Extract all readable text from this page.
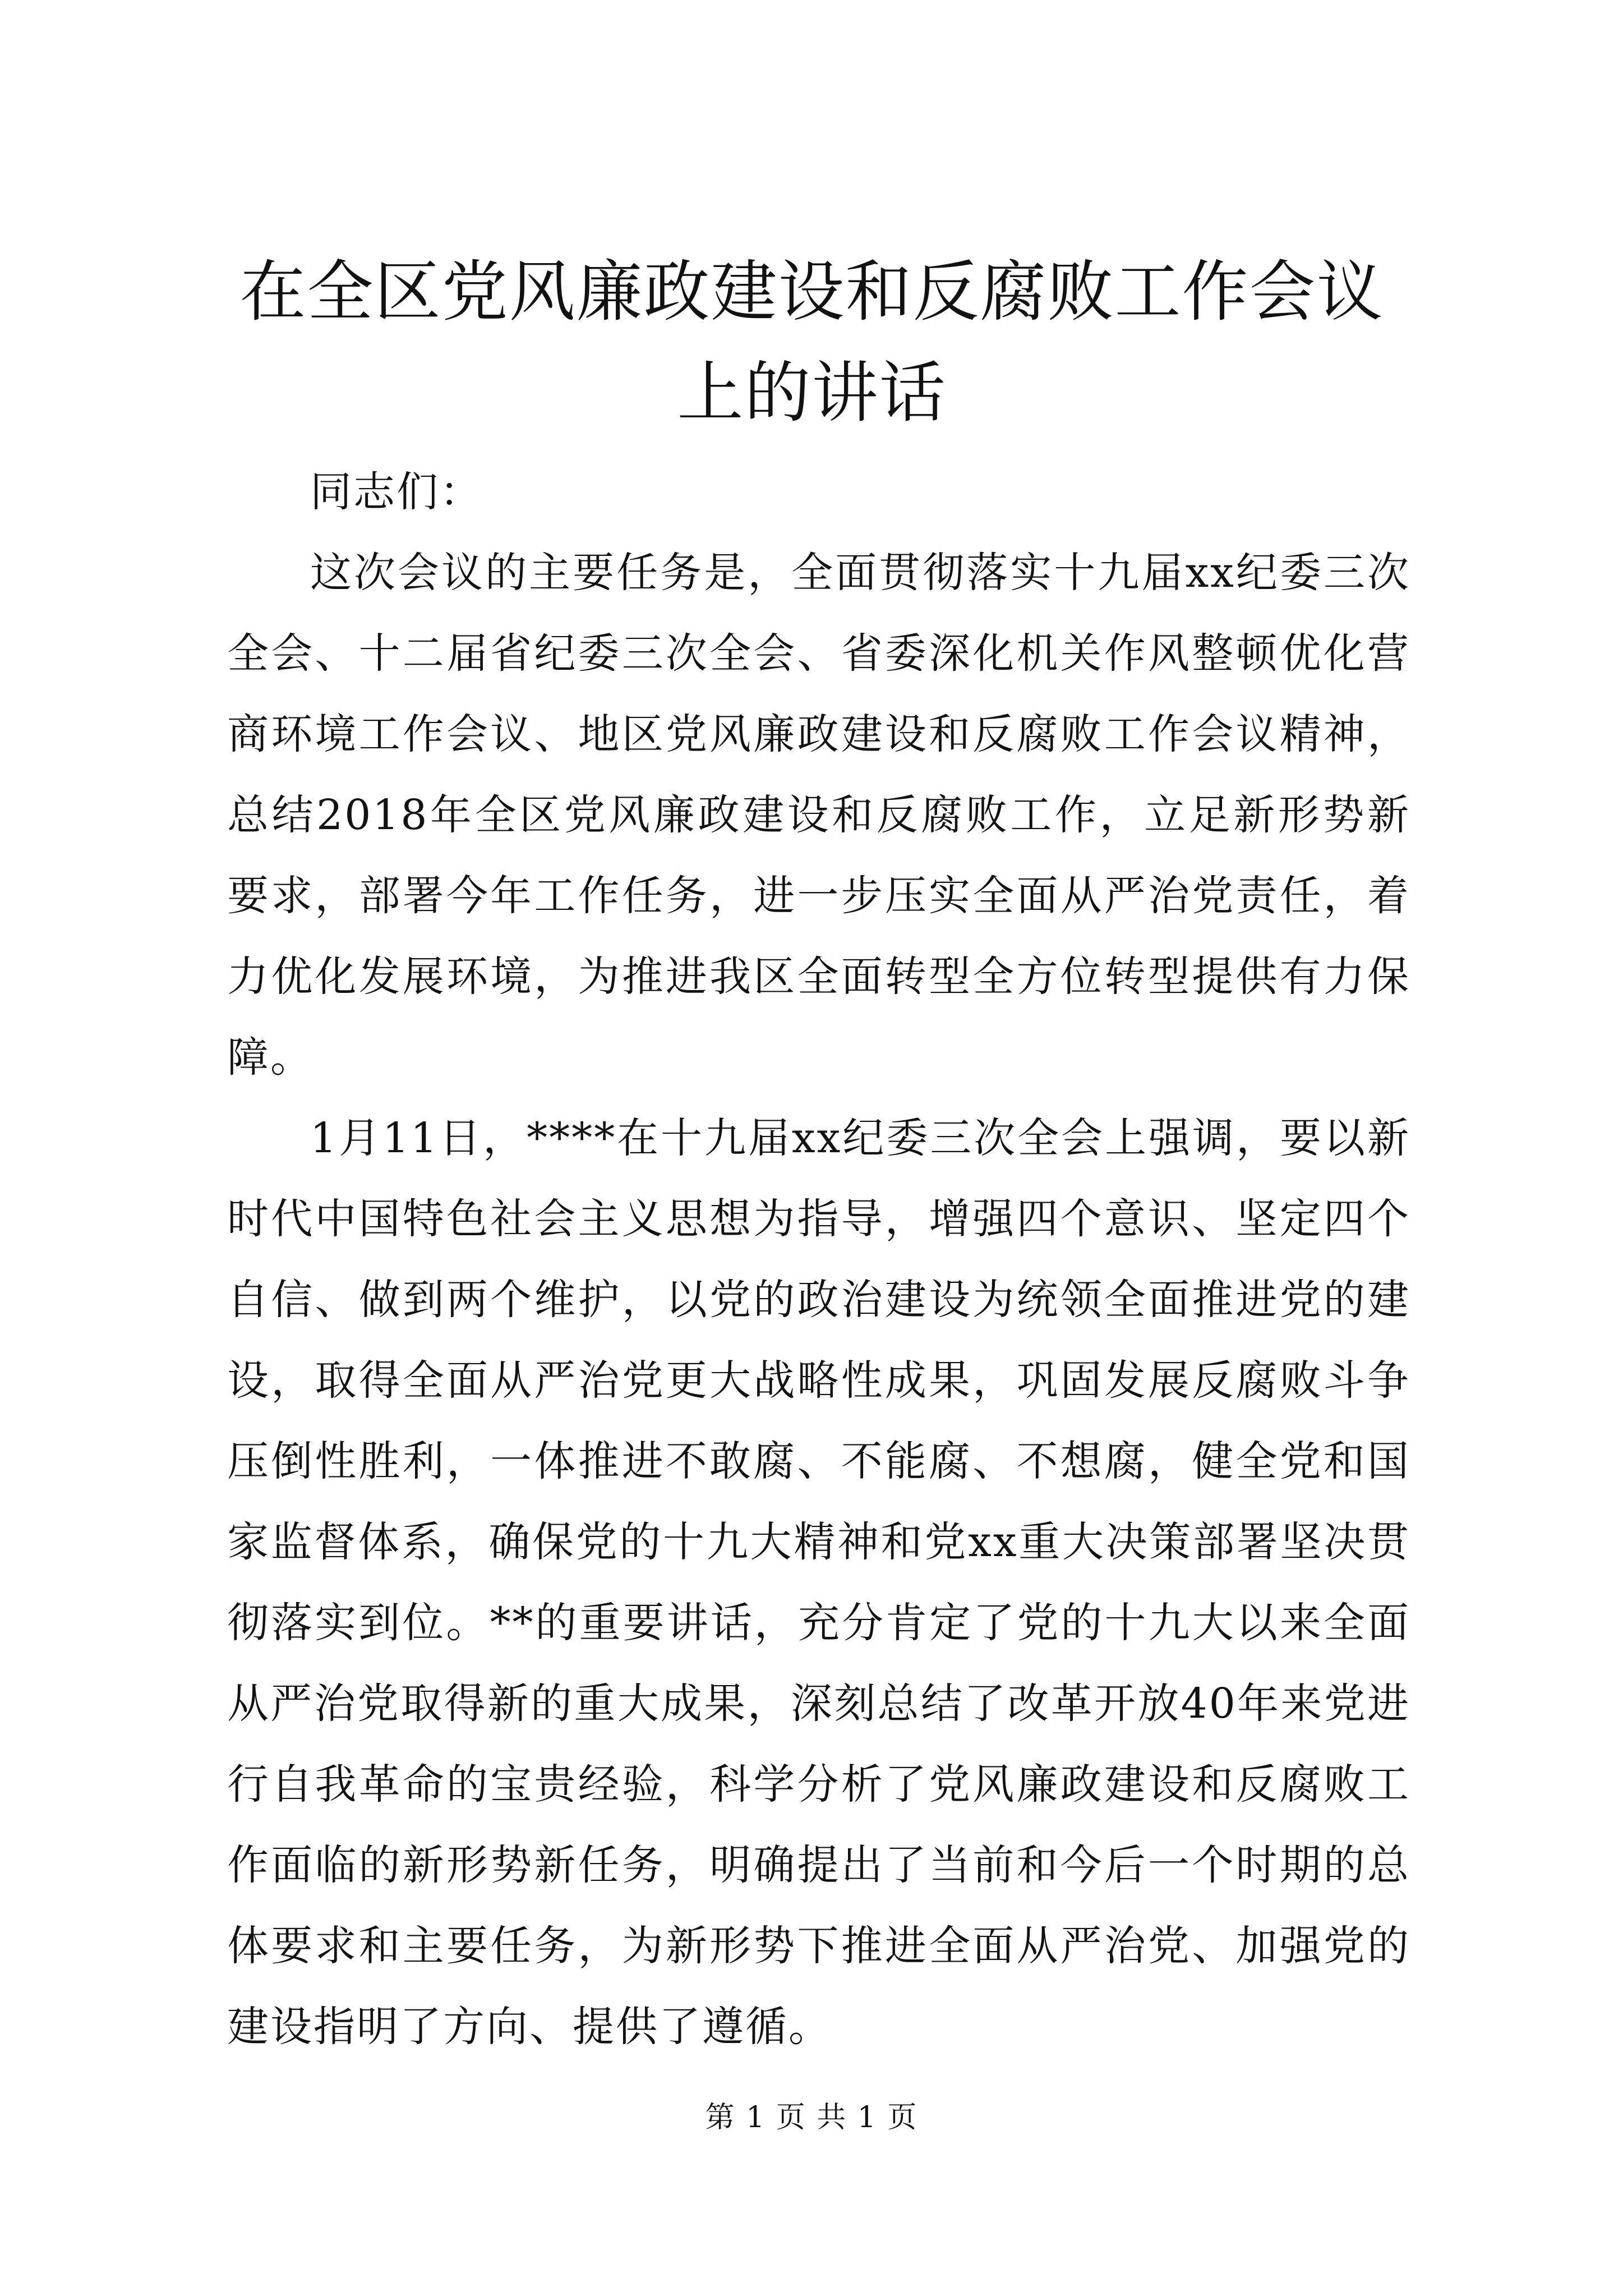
在全区党风廉政建设和反腐败工作会议上的讲话

同志们：

这次会议的主要任务是，全面贯彻落实十九届xx纪委三次全会、十二届省纪委三次全会、省委深化机关作风整顿优化营商环境工作会议、地区党风廉政建设和反腐败工作会议精神，总结2018年全区党风廉政建设和反腐败工作，立足新形势新要求，部署今年工作任务，进一步压实全面从严治党责任，着力优化发展环境，为推进我区全面转型全方位转型提供有力保障。

1月11日，****在十九届xx纪委三次全会上强调，要以新时代中国特色社会主义思想为指导，增强四个意识、坚定四个自信、做到两个维护，以党的政治建设为统领全面推进党的建设，取得全面从严治党更大战略性成果，巩固发展反腐败斗争压倒性胜利，一体推进不敢腐、不能腐、不想腐，健全党和国家监督体系，确保党的十九大精神和党xx重大决策部署坚决贯彻落实到位。**的重要讲话，充分肯定了党的十九大以来全面从严治党取得新的重大成果，深刻总结了改革开放40年来党进行自我革命的宝贵经验，科学分析了党风廉政建设和反腐败工作面临的新形势新任务，明确提出了当前和今后一个时期的总体要求和主要任务，为新形势下推进全面从严治党、加强党的建设指明了方向、提供了遵循。

第 1 页 共 1 页
